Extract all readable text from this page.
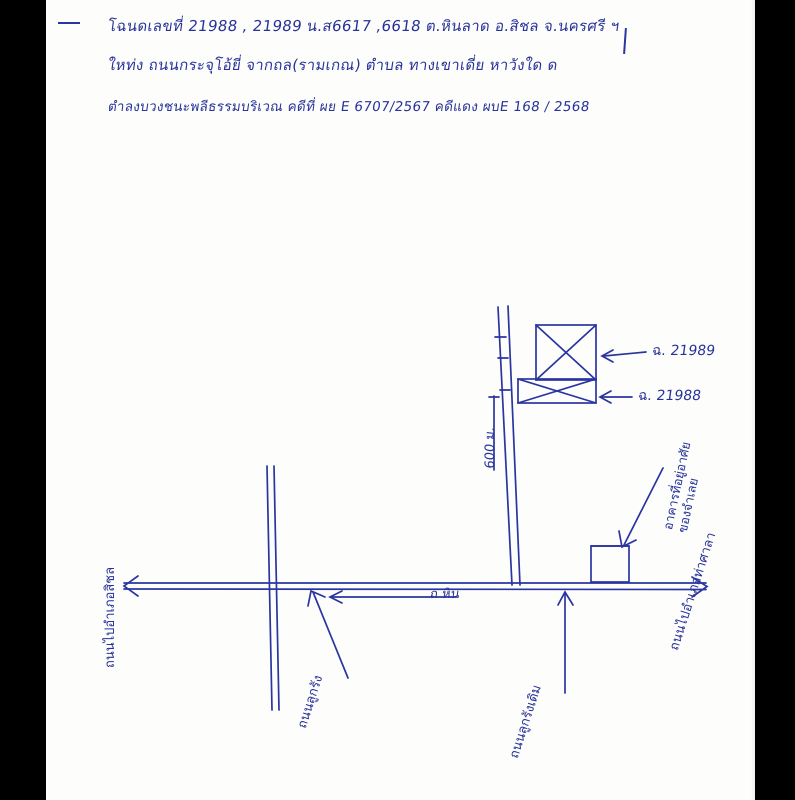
โฉนดเลขที่ 21988 , 21989 น.ส6617 ,6618 ต.หินลาด อ.สิชล จ.นครศรี ฯ
ใหท่ง ถนนกระจุโอ้ยี่ จากถล(รามเกณ) ตำบล ทางเขาเดี่ย หาวังใด ด
ตำลงบวงชนะพลีธรรมบริเวณ คดีที่ ผย E 6707/2567 คดีแดง ผบE 168 / 2568
ฉ. 21989
ฉ. 21988
600 ม.
ถ หิน
อาคารที่อยู่อาศัย
ของจำเลย
ถนนไปอำเภอสิชล	ถนนไปอำเภอท่าศาลา
ถนนลูกรัง	ถนนลูกรังเดิม
